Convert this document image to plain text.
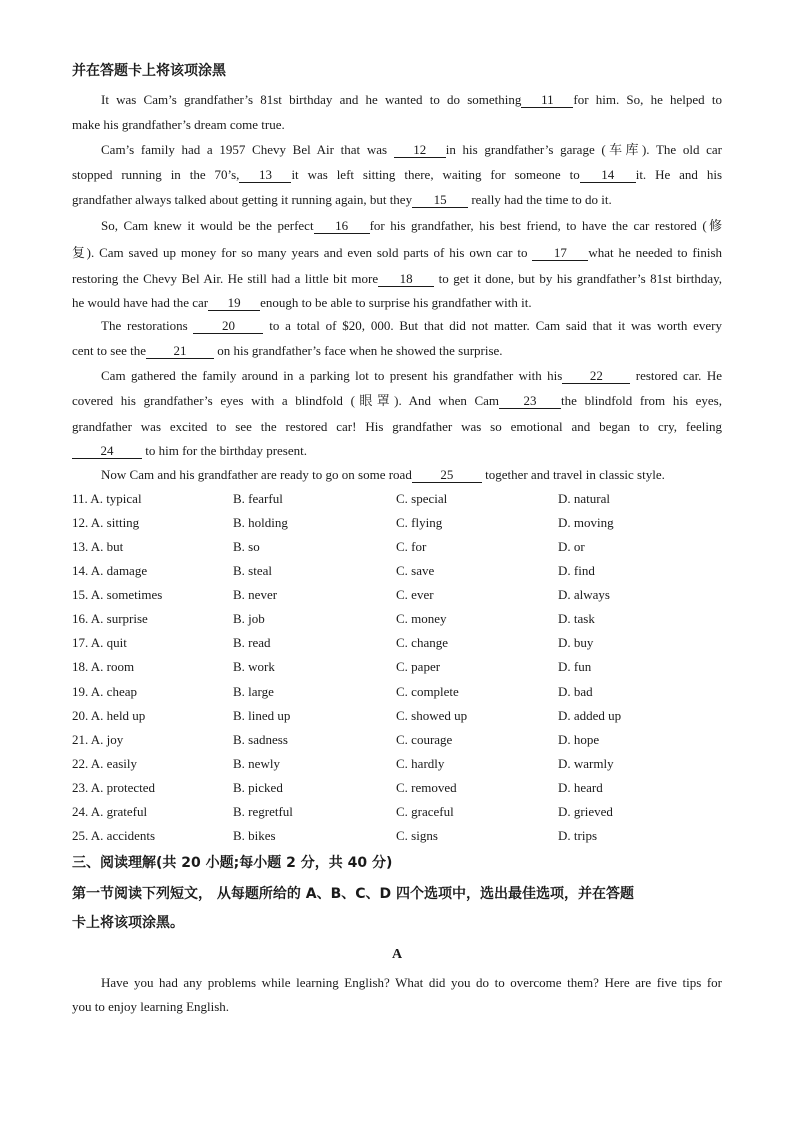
并在答题卡上将该项涂黑
It was Cam’s grandfather’s 81st birthday and he wanted to do something 11 for him. So, he helped to
make his grandfather’s dream come true.
Cam’s family had a 1957 Chevy Bel Air that was 12 in his grandfather’s garage (车库). The old car
stopped running in the 70’s, 13 it was left sitting there, waiting for someone to 14 it. He and his
grandfather always talked about getting it running again, but they 15 really had the time to do it.
So, Cam knew it would be the perfect 16 for his grandfather, his best friend, to have the car restored (修
复). Cam saved up money for so many years and even sold parts of his own car to 17 what he needed to finish
restoring the Chevy Bel Air. He still had a little bit more 18 to get it done, but by his grandfather’s 81st birthday,
he would have had the car 19 enough to be able to surprise his grandfather with it.
The restorations	20	to a total of $20, 000. But that did not matter. Cam said that it was worth every
cent to see the 21 on his grandfather’s face when he showed the surprise.
Cam gathered the family around in a parking lot to present his grandfather with his 22	restored car. He
covered his grandfather’s eyes with a blindfold (眼罩). And when Cam 23 the blindfold from his eyes,
grandfather was excited to see the restored car! His grandfather was so emotional and began to cry, feeling
24 to him for the birthday present.
Now Cam and his grandfather are ready to go on some road 25 together and travel in classic style.
11. A. typical	B. fearful	C. special	D. natural
12. A. sitting	B. holding	C. flying	D. moving
13. A. but	B. so	C. for	D. or
14. A. damage	B. steal	C. save	D. find
15. A. sometimes	B. never	C. ever	D. always
16. A. surprise	B. job	C. money	D. task
17. A. quit	B. read	C. change	D. buy
18. A. room	B. work	C. paper	D. fun
19. A. cheap	B. large	C. complete	D. bad
20. A. held up	B. lined up	C. showed up	D. added up
21. A. joy	B. sadness	C. courage	D. hope
22. A. easily	B. newly	C. hardly	D. warmly
23. A. protected	B. picked	C. removed	D. heard
24. A. grateful	B. regretful	C. graceful	D. grieved
25. A. accidents	B. bikes	C. signs	D. trips
三、阅读理解(共 20 小题;每小题 2 分，共 40 分)
第一节阅读下列短文， 从每题所给的 A、B、C、D 四个选项中，选出最佳选项，并在答题
卡上将该项涂黑。
A
Have you had any problems while learning English? What did you do to overcome them? Here are five tips for
you to enjoy learning English.
